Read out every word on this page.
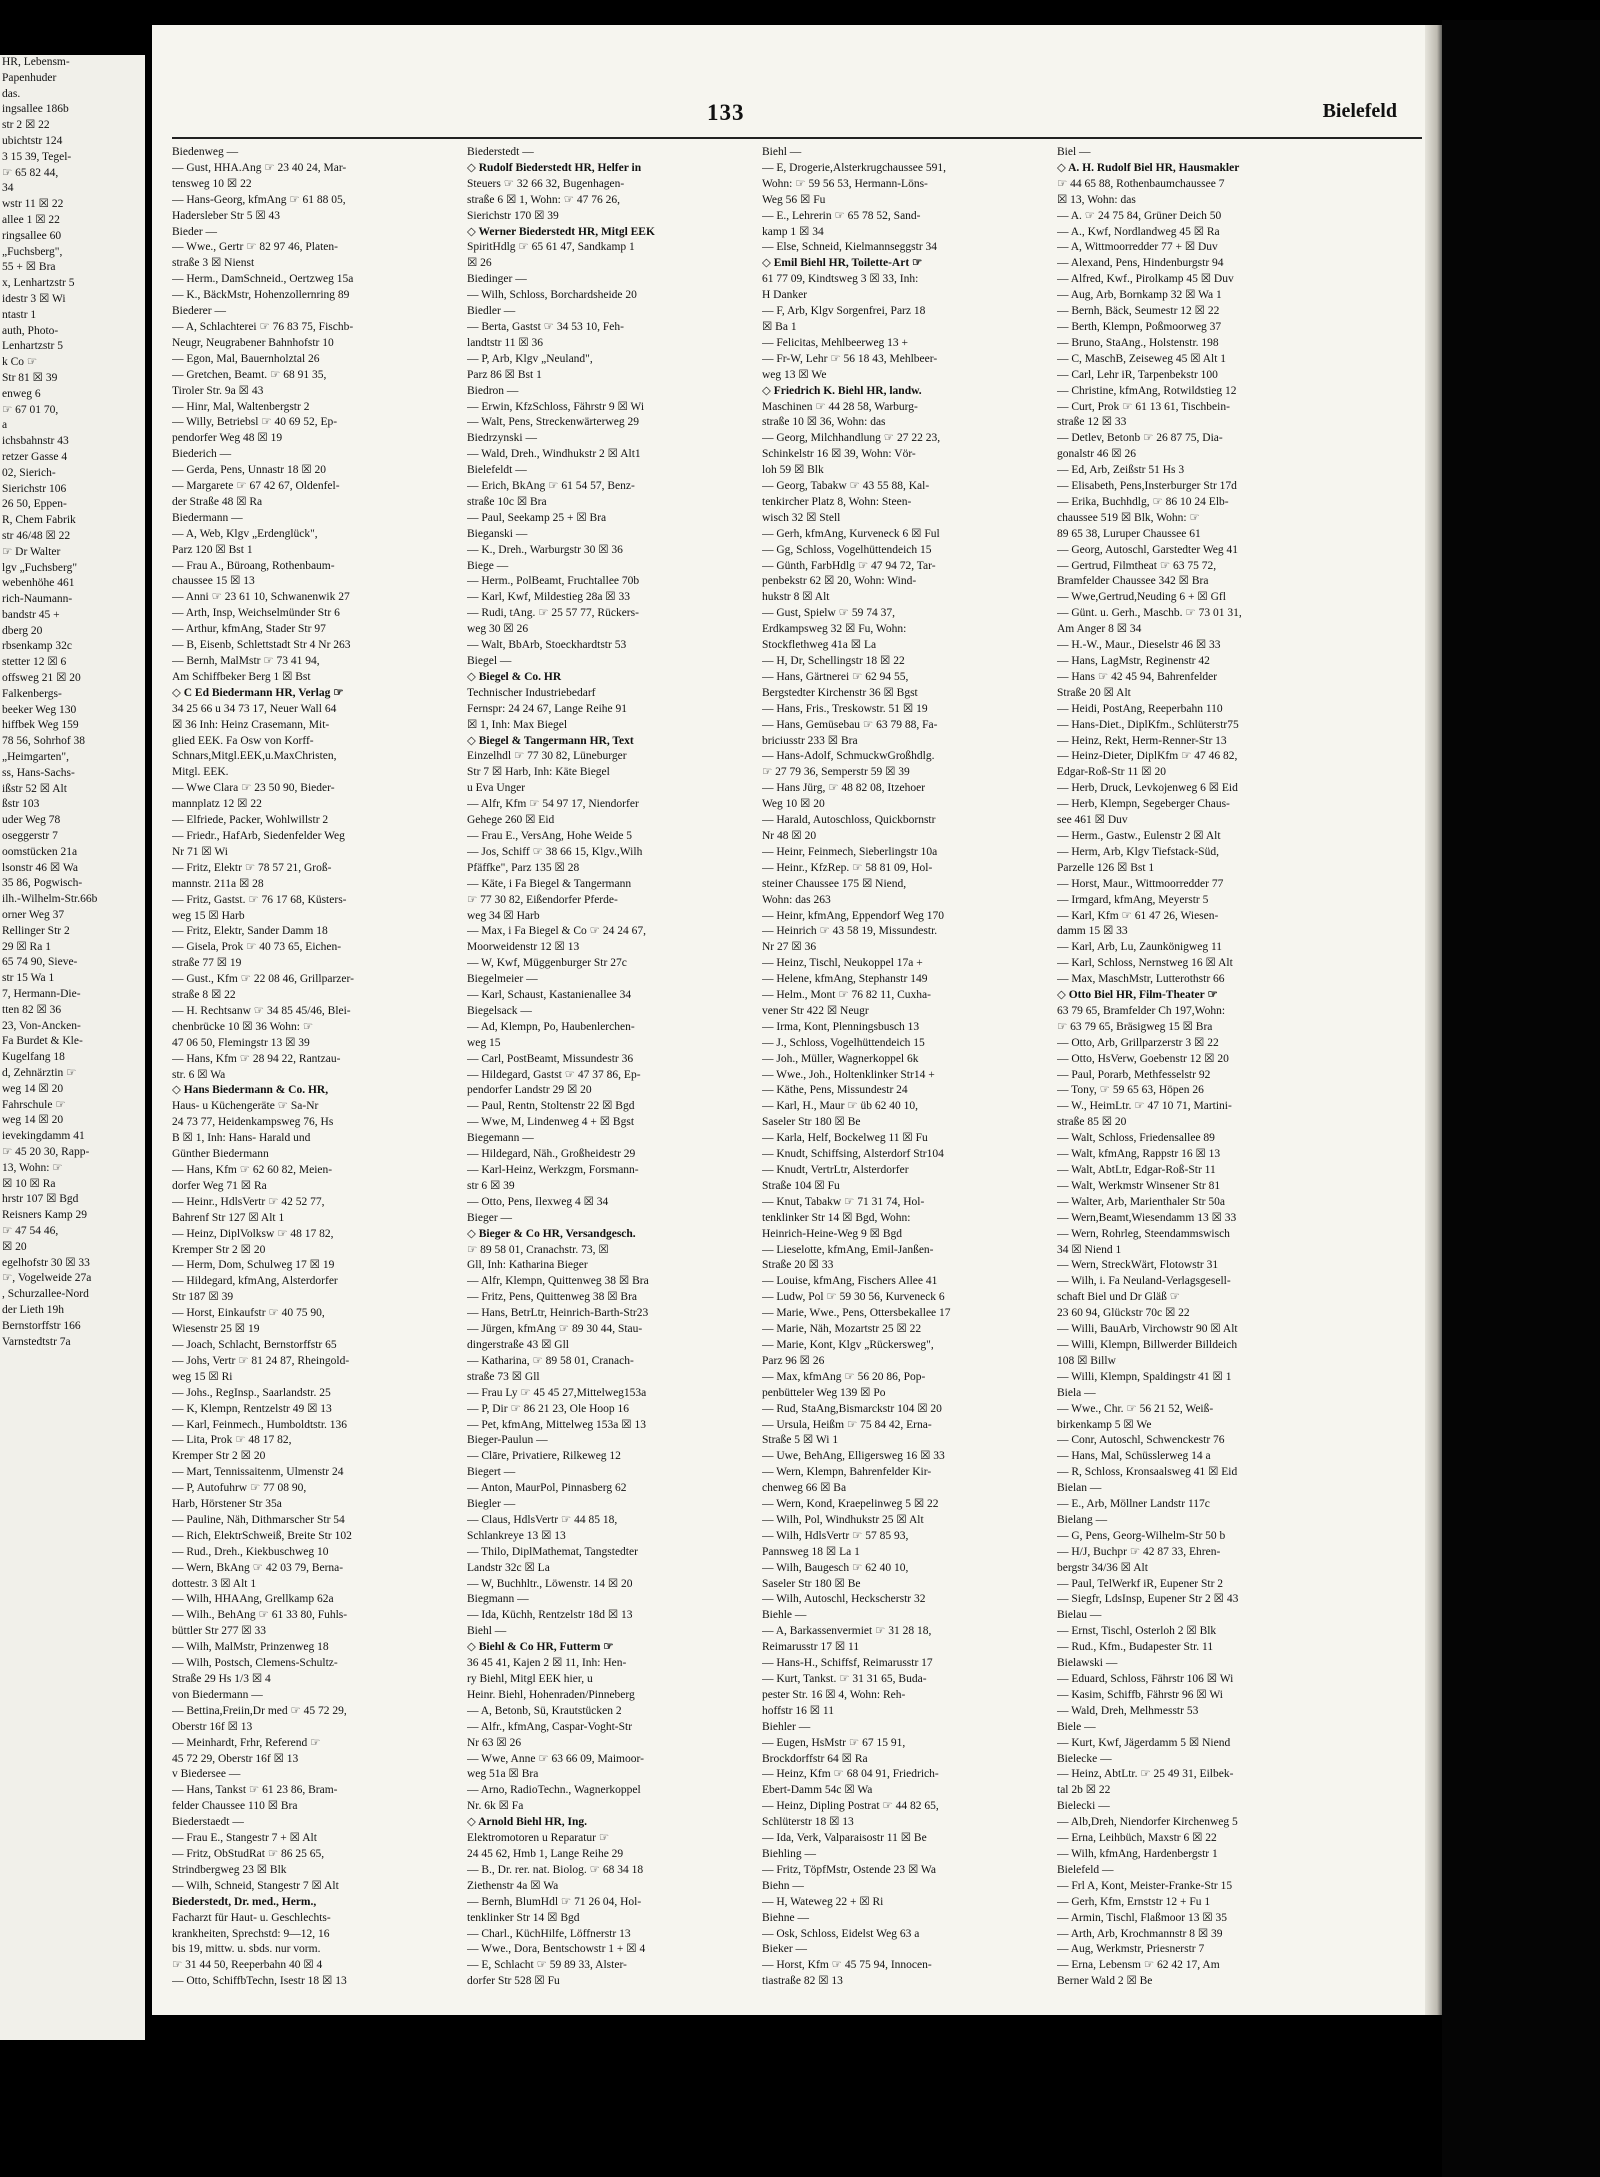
HR, Lebensm-
Papenhuder
das.
ingsallee 186b
str 2 ☒ 22
ubichtstr 124
3 15 39, Tegel-
☞ 65 82 44,
34
wstr 11 ☒ 22
allee 1 ☒ 22
ringsallee 60
„Fuchsberg",
55 + ☒ Bra
x, Lenhartzstr 5
idestr 3 ☒ Wi
ntastr 1
auth, Photo-
Lenhartzstr 5
k Co ☞
Str 81 ☒ 39
enweg 6
☞ 67 01 70,
a
ichsbahnstr 43
retzer Gasse 4
02, Sierich-
Sierichstr 106
26 50, Eppen-
R, Chem Fabrik
str 46/48 ☒ 22
☞ Dr Walter
lgv „Fuchsberg"
webenhöhe 461
rich-Naumann-
bandstr 45 +
dberg 20
rbsenkamp 32c
stetter 12 ☒ 6
offsweg 21 ☒ 20
Falkenbergs-
beeker Weg 130
hiffbek Weg 159
78 56, Sohrhof 38
„Heimgarten",
ss, Hans-Sachs-
ißstr 52 ☒ Alt
ßstr 103
uder Weg 78
oseggerstr 7
oomstücken 21a
lsonstr 46 ☒ Wa
35 86, Pogwisch-
ilh.-Wilhelm-Str.66b
orner Weg 37
Rellinger Str 2
29 ☒ Ra 1
65 74 90, Sieve-
str 15 Wa 1
7, Hermann-Die-
tten 82 ☒ 36
23, Von-Ancken-
Fa Burdet & Kle-
Kugelfang 18
d, Zehnärztin ☞
weg 14 ☒ 20
Fahrschule ☞
weg 14 ☒ 20
ievekingdamm 41
☞ 45 20 30, Rapp-
13, Wohn: ☞
☒ 10 ☒ Ra
hrstr 107 ☒ Bgd
Reisners Kamp 29
☞ 47 54 46,
☒ 20
egelhofstr 30 ☒ 33
☞, Vogelweide 27a
, Schurzallee-Nord
der Lieth 19h
Bernstorffstr 166
Varnstedtstr 7a
133	Bielefeld
Biedenweg —
— Gust, HHA.Ang ☞ 23 40 24, Mar-
tensweg 10 ☒ 22
— Hans-Georg, kfmAng ☞ 61 88 05,
Hadersleber Str 5 ☒ 43
Bieder —
— Wwe., Gertr ☞ 82 97 46, Platen-
straße 3 ☒ Nienst
— Herm., DamSchneid., Oertzweg 15a
— K., BäckMstr, Hohenzollernring 89
Biederer —
— A, Schlachterei ☞ 76 83 75, Fischb-
Neugr, Neugrabener Bahnhofstr 10
— Egon, Mal, Bauernholztal 26
— Gretchen, Beamt. ☞ 68 91 35,
Tiroler Str. 9a ☒ 43
— Hinr, Mal, Waltenbergstr 2
— Willy, Betriebsl ☞ 40 69 52, Ep-
pendorfer Weg 48 ☒ 19
Biederich —
— Gerda, Pens, Unnastr 18 ☒ 20
— Margarete ☞ 67 42 67, Oldenfel-
der Straße 48 ☒ Ra
Biedermann —
— A, Web, Klgv „Erdenglück",
Parz 120 ☒ Bst 1
— Frau A., Büroang, Rothenbaum-
chaussee 15 ☒ 13
— Anni ☞ 23 61 10, Schwanenwik 27
— Arth, Insp, Weichselmünder Str 6
— Arthur, kfmAng, Stader Str 97
— B, Eisenb, Schlettstadt Str 4 Nr 263
— Bernh, MalMstr ☞ 73 41 94,
Am Schiffbeker Berg 1 ☒ Bst
◇ C Ed Biedermann HR, Verlag ☞
34 25 66 u 34 73 17, Neuer Wall 64
☒ 36 Inh: Heinz Crasemann, Mit-
glied EEK. Fa Osw von Korff-
Schnars,Mitgl.EEK,u.MaxChristen,
Mitgl. EEK.
— Wwe Clara ☞ 23 50 90, Bieder-
mannplatz 12 ☒ 22
— Elfriede, Packer, Wohlwillstr 2
— Friedr., HafArb, Siedenfelder Weg
Nr 71 ☒ Wi
— Fritz, Elektr ☞ 78 57 21, Groß-
mannstr. 211a ☒ 28
— Fritz, Gastst. ☞ 76 17 68, Küsters-
weg 15 ☒ Harb
— Fritz, Elektr, Sander Damm 18
— Gisela, Prok ☞ 40 73 65, Eichen-
straße 77 ☒ 19
— Gust., Kfm ☞ 22 08 46, Grillparzer-
straße 8 ☒ 22
— H. Rechtsanw ☞ 34 85 45/46, Blei-
chenbrücke 10 ☒ 36 Wohn: ☞
47 06 50, Flemingstr 13 ☒ 39
— Hans, Kfm ☞ 28 94 22, Rantzau-
str. 6 ☒ Wa
◇ Hans Biedermann & Co. HR,
Haus- u Küchengeräte ☞ Sa-Nr
24 73 77, Heidenkampsweg 76, Hs
B ☒ 1, Inh: Hans- Harald und
Günther Biedermann
— Hans, Kfm ☞ 62 60 82, Meien-
dorfer Weg 71 ☒ Ra
— Heinr., HdlsVertr ☞ 42 52 77,
Bahrenf Str 127 ☒ Alt 1
— Heinz, DiplVolksw ☞ 48 17 82,
Kremper Str 2 ☒ 20
— Herm, Dom, Schulweg 17 ☒ 19
— Hildegard, kfmAng, Alsterdorfer
Str 187 ☒ 39
— Horst, Einkaufstr ☞ 40 75 90,
Wiesenstr 25 ☒ 19
— Joach, Schlacht, Bernstorffstr 65
— Johs, Vertr ☞ 81 24 87, Rheingold-
weg 15 ☒ Ri
— Johs., RegInsp., Saarlandstr. 25
— K, Klempn, Rentzelstr 49 ☒ 13
— Karl, Feinmech., Humboldtstr. 136
— Lita, Prok ☞ 48 17 82,
Kremper Str 2 ☒ 20
— Mart, Tennissaitenm, Ulmenstr 24
— P, Autofuhrw ☞ 77 08 90,
Harb, Hörstener Str 35a
— Pauline, Näh, Dithmarscher Str 54
— Rich, ElektrSchweiß, Breite Str 102
— Rud., Dreh., Kiekbuschweg 10
— Wern, BkAng ☞ 42 03 79, Berna-
dottestr. 3 ☒ Alt 1
— Wilh, HHAAng, Grellkamp 62a
— Wilh., BehAng ☞ 61 33 80, Fuhls-
büttler Str 277 ☒ 33
— Wilh, MalMstr, Prinzenweg 18
— Wilh, Postsch, Clemens-Schultz-
Straße 29 Hs 1/3 ☒ 4
von Biedermann —
— Bettina,Freiin,Dr med ☞ 45 72 29,
Oberstr 16f ☒ 13
— Meinhardt, Frhr, Referend ☞
45 72 29, Oberstr 16f ☒ 13
v Biedersee —
— Hans, Tankst ☞ 61 23 86, Bram-
felder Chaussee 110 ☒ Bra
Biederstaedt —
— Frau E., Stangestr 7 + ☒ Alt
— Fritz, ObStudRat ☞ 86 25 65,
Strindbergweg 23 ☒ Blk
— Wilh, Schneid, Stangestr 7 ☒ Alt
Biederstedt, Dr. med., Herm.,
Facharzt für Haut- u. Geschlechts-
krankheiten, Sprechstd: 9—12, 16
bis 19, mittw. u. sbds. nur vorm.
☞ 31 44 50, Reeperbahn 40 ☒ 4
— Otto, SchiffbTechn, Isestr 18 ☒ 13
Biederstedt —
◇ Rudolf Biederstedt HR, Helfer in
Steuers ☞ 32 66 32, Bugenhagen-
straße 6 ☒ 1, Wohn: ☞ 47 76 26,
Sierichstr 170 ☒ 39
◇ Werner Biederstedt HR, Mitgl EEK
SpiritHdlg ☞ 65 61 47, Sandkamp 1
☒ 26
Biedinger —
— Wilh, Schloss, Borchardsheide 20
Biedler —
— Berta, Gastst ☞ 34 53 10, Feh-
landtstr 11 ☒ 36
— P, Arb, Klgv „Neuland",
Parz 86 ☒ Bst 1
Biedron —
— Erwin, KfzSchloss, Fährstr 9 ☒ Wi
— Walt, Pens, Streckenwärterweg 29
Biedrzynski —
— Wald, Dreh., Windhukstr 2 ☒ Alt1
Bielefeldt —
— Erich, BkAng ☞ 61 54 57, Benz-
straße 10c ☒ Bra
— Paul, Seekamp 25 + ☒ Bra
Bieganski —
— K., Dreh., Warburgstr 30 ☒ 36
Biege —
— Herm., PolBeamt, Fruchtallee 70b
— Karl, Kwf, Mildestieg 28a ☒ 33
— Rudi, tAng. ☞ 25 57 77, Rückers-
weg 30 ☒ 26
— Walt, BbArb, Stoeckhardtstr 53
Biegel —
◇ Biegel & Co. HR
Technischer Industriebedarf
Fernspr: 24 24 67, Lange Reihe 91
☒ 1, Inh: Max Biegel
◇ Biegel & Tangermann HR, Text
Einzelhdl ☞ 77 30 82, Lüneburger
Str 7 ☒ Harb, Inh: Käte Biegel
u Eva Unger
— Alfr, Kfm ☞ 54 97 17, Niendorfer
Gehege 260 ☒ Eid
— Frau E., VersAng, Hohe Weide 5
— Jos, Schiff ☞ 38 66 15, Klgv.,Wilh
Pfäffke", Parz 135 ☒ 28
— Käte, i Fa Biegel & Tangermann
☞ 77 30 82, Eißendorfer Pferde-
weg 34 ☒ Harb
— Max, i Fa Biegel & Co ☞ 24 24 67,
Moorweidenstr 12 ☒ 13
— W, Kwf, Müggenburger Str 27c
Biegelmeier —
— Karl, Schaust, Kastanienallee 34
Biegelsack —
— Ad, Klempn, Po, Haubenlerchen-
weg 15
— Carl, PostBeamt, Missundestr 36
— Hildegard, Gastst ☞ 47 37 86, Ep-
pendorfer Landstr 29 ☒ 20
— Paul, Rentn, Stoltenstr 22 ☒ Bgd
— Wwe, M, Lindenweg 4 + ☒ Bgst
Biegemann —
— Hildegard, Näh., Großheidestr 29
— Karl-Heinz, Werkzgm, Forsmann-
str 6 ☒ 39
— Otto, Pens, Ilexweg 4 ☒ 34
Bieger —
◇ Bieger & Co HR, Versandgesch.
☞ 89 58 01, Cranachstr. 73, ☒
Gll, Inh: Katharina Bieger
— Alfr, Klempn, Quittenweg 38 ☒ Bra
— Fritz, Pens, Quittenweg 38 ☒ Bra
— Hans, BetrLtr, Heinrich-Barth-Str23
— Jürgen, kfmAng ☞ 89 30 44, Stau-
dingerstraße 43 ☒ Gll
— Katharina, ☞ 89 58 01, Cranach-
straße 73 ☒ Gll
— Frau Ly ☞ 45 45 27,Mittelweg153a
— P, Dir ☞ 86 21 23, Ole Hoop 16
— Pet, kfmAng, Mittelweg 153a ☒ 13
Bieger-Paulun —
— Clāre, Privatiere, Rilkeweg 12
Biegert —
— Anton, MaurPol, Pinnasberg 62
Biegler —
— Claus, HdlsVertr ☞ 44 85 18,
Schlankreye 13 ☒ 13
— Thilo, DiplMathemat, Tangstedter
Landstr 32c ☒ La
— W, Buchhltr., Löwenstr. 14 ☒ 20
Biegmann —
— Ida, Küchh, Rentzelstr 18d ☒ 13
Biehl —
◇ Biehl & Co HR, Futterm ☞
36 45 41, Kajen 2 ☒ 11, Inh: Hen-
ry Biehl, Mitgl EEK hier, u
Heinr. Biehl, Hohenraden/Pinneberg
— A, Betonb, Sü, Krautstücken 2
— Alfr., kfmAng, Caspar-Voght-Str
Nr 63 ☒ 26
— Wwe, Anne ☞ 63 66 09, Maimoor-
weg 51a ☒ Bra
— Arno, RadioTechn., Wagnerkoppel
Nr. 6k ☒ Fa
◇ Arnold Biehl HR, Ing.
Elektromotoren u Reparatur ☞
24 45 62, Hmb 1, Lange Reihe 29
— B., Dr. rer. nat. Biolog. ☞ 68 34 18
Ziethenstr 4a ☒ Wa
— Bernh, BlumHdl ☞ 71 26 04, Hol-
tenklinker Str 14 ☒ Bgd
— Charl., KüchHilfe, Löffnerstr 13
— Wwe., Dora, Bentschowstr 1 + ☒ 4
— E, Schlacht ☞ 59 89 33, Alster-
dorfer Str 528 ☒ Fu
Biehl —
— E, Drogerie,Alsterkrugchaussee 591,
Wohn: ☞ 59 56 53, Hermann-Löns-
Weg 56 ☒ Fu
— E., Lehrerin ☞ 65 78 52, Sand-
kamp 1 ☒ 34
— Else, Schneid, Kielmannseggstr 34
◇ Emil Biehl HR, Toilette-Art ☞
61 77 09, Kindtsweg 3 ☒ 33, Inh:
H Danker
— F, Arb, Klgv Sorgenfrei, Parz 18
☒ Ba 1
— Felicitas, Mehlbeerweg 13 +
— Fr-W, Lehr ☞ 56 18 43, Mehlbeer-
weg 13 ☒ We
◇ Friedrich K. Biehl HR, landw.
Maschinen ☞ 44 28 58, Warburg-
straße 10 ☒ 36, Wohn: das
— Georg, Milchhandlung ☞ 27 22 23,
Schinkelstr 16 ☒ 39, Wohn: Vör-
loh 59 ☒ Blk
— Georg, Tabakw ☞ 43 55 88, Kal-
tenkircher Platz 8, Wohn: Steen-
wisch 32 ☒ Stell
— Gerh, kfmAng, Kurveneck 6 ☒ Ful
— Gg, Schloss, Vogelhüttendeich 15
— Günth, FarbHdlg ☞ 47 94 72, Tar-
penbekstr 62 ☒ 20, Wohn: Wind-
hukstr 8 ☒ Alt
— Gust, Spielw ☞ 59 74 37,
Erdkampsweg 32 ☒ Fu, Wohn:
Stockflethweg 41a ☒ La
— H, Dr, Schellingstr 18 ☒ 22
— Hans, Gärtnerei ☞ 62 94 55,
Bergstedter Kirchenstr 36 ☒ Bgst
— Hans, Fris., Treskowstr. 51 ☒ 19
— Hans, Gemüsebau ☞ 63 79 88, Fa-
briciusstr 233 ☒ Bra
— Hans-Adolf, SchmuckwGroßhdlg.
☞ 27 79 36, Semperstr 59 ☒ 39
— Hans Jürg, ☞ 48 82 08, Itzehoer
Weg 10 ☒ 20
— Harald, Autoschloss, Quickbornstr
Nr 48 ☒ 20
— Heinr, Feinmech, Sieberlingstr 10a
— Heinr., KfzRep. ☞ 58 81 09, Hol-
steiner Chaussee 175 ☒ Niend,
Wohn: das 263
— Heinr, kfmAng, Eppendorf Weg 170
— Heinrich ☞ 43 58 19, Missundestr.
Nr 27 ☒ 36
— Heinz, Tischl, Neukoppel 17a +
— Helene, kfmAng, Stephanstr 149
— Helm., Mont ☞ 76 82 11, Cuxha-
vener Str 422 ☒ Neugr
— Irma, Kont, Plenningsbusch 13
— J., Schloss, Vogelhüttendeich 15
— Joh., Müller, Wagnerkoppel 6k
— Wwe., Joh., Holtenklinker Str14 +
— Käthe, Pens, Missundestr 24
— Karl, H., Maur ☞ üb 62 40 10,
Saseler Str 180 ☒ Be
— Karla, Helf, Bockelweg 11 ☒ Fu
— Knudt, Schiffsing, Alsterdorf Str104
— Knudt, VertrLtr, Alsterdorfer
Straße 104 ☒ Fu
— Knut, Tabakw ☞ 71 31 74, Hol-
tenklinker Str 14 ☒ Bgd, Wohn:
Heinrich-Heine-Weg 9 ☒ Bgd
— Lieselotte, kfmAng, Emil-Janßen-
Straße 20 ☒ 33
— Louise, kfmAng, Fischers Allee 41
— Ludw, Pol ☞ 59 30 56, Kurveneck 6
— Marie, Wwe., Pens, Ottersbekallee 17
— Marie, Näh, Mozartstr 25 ☒ 22
— Marie, Kont, Klgv „Rückersweg",
Parz 96 ☒ 26
— Max, kfmAng ☞ 56 20 86, Pop-
penbütteler Weg 139 ☒ Po
— Rud, StaAng,Bismarckstr 104 ☒ 20
— Ursula, Heißm ☞ 75 84 42, Erna-
Straße 5 ☒ Wi 1
— Uwe, BehAng, Elligersweg 16 ☒ 33
— Wern, Klempn, Bahrenfelder Kir-
chenweg 66 ☒ Ba
— Wern, Kond, Kraepelinweg 5 ☒ 22
— Wilh, Pol, Windhukstr 25 ☒ Alt
— Wilh, HdlsVertr ☞ 57 85 93,
Pannsweg 18 ☒ La 1
— Wilh, Baugesch ☞ 62 40 10,
Saseler Str 180 ☒ Be
— Wilh, Autoschl, Heckscherstr 32
Biehle —
— A, Barkassenvermiet ☞ 31 28 18,
Reimarusstr 17 ☒ 11
— Hans-H., Schiffsf, Reimarusstr 17
— Kurt, Tankst. ☞ 31 31 65, Buda-
pester Str. 16 ☒ 4, Wohn: Reh-
hoffstr 16 ☒ 11
Biehler —
— Eugen, HsMstr ☞ 67 15 91,
Brockdorffstr 64 ☒ Ra
— Heinz, Kfm ☞ 68 04 91, Friedrich-
Ebert-Damm 54c ☒ Wa
— Heinz, Dipling Postrat ☞ 44 82 65,
Schlüterstr 18 ☒ 13
— Ida, Verk, Valparaisostr 11 ☒ Be
Biehling —
— Fritz, TöpfMstr, Ostende 23 ☒ Wa
Biehn —
— H, Wateweg 22 + ☒ Ri
Biehne —
— Osk, Schloss, Eidelst Weg 63 a
Bieker —
— Horst, Kfm ☞ 45 75 94, Innocen-
tiastraße 82 ☒ 13
Biel —
◇ A. H. Rudolf Biel HR, Hausmakler
☞ 44 65 88, Rothenbaumchaussee 7
☒ 13, Wohn: das
— A. ☞ 24 75 84, Grüner Deich 50
— A., Kwf, Nordlandweg 45 ☒ Ra
— A, Wittmoorredder 77 + ☒ Duv
— Alexand, Pens, Hindenburgstr 94
— Alfred, Kwf., Pirolkamp 45 ☒ Duv
— Aug, Arb, Bornkamp 32 ☒ Wa 1
— Bernh, Bäck, Seumestr 12 ☒ 22
— Berth, Klempn, Poßmoorweg 37
— Bruno, StaAng., Holstenstr. 198
— C, MaschB, Zeiseweg 45 ☒ Alt 1
— Carl, Lehr iR, Tarpenbekstr 100
— Christine, kfmAng, Rotwildstieg 12
— Curt, Prok ☞ 61 13 61, Tischbein-
straße 12 ☒ 33
— Detlev, Betonb ☞ 26 87 75, Dia-
gonalstr 46 ☒ 26
— Ed, Arb, Zeißstr 51 Hs 3
— Elisabeth, Pens,Insterburger Str 17d
— Erika, Buchhdlg, ☞ 86 10 24 Elb-
chaussee 519 ☒ Blk, Wohn: ☞
89 65 38, Luruper Chaussee 61
— Georg, Autoschl, Garstedter Weg 41
— Gertrud, Filmtheat ☞ 63 75 72,
Bramfelder Chaussee 342 ☒ Bra
— Wwe,Gertrud,Neuding 6 + ☒ Gfl
— Günt. u. Gerh., Maschb. ☞ 73 01 31,
Am Anger 8 ☒ 34
— H.-W., Maur., Dieselstr 46 ☒ 33
— Hans, LagMstr, Reginenstr 42
— Hans ☞ 42 45 94, Bahrenfelder
Straße 20 ☒ Alt
— Heidi, PostAng, Reeperbahn 110
— Hans-Diet., DiplKfm., Schlüterstr75
— Heinz, Rekt, Herm-Renner-Str 13
— Heinz-Dieter, DiplKfm ☞ 47 46 82,
Edgar-Roß-Str 11 ☒ 20
— Herb, Druck, Levkojenweg 6 ☒ Eid
— Herb, Klempn, Segeberger Chaus-
see 461 ☒ Duv
— Herm., Gastw., Eulenstr 2 ☒ Alt
— Herm, Arb, Klgv Tiefstack-Süd,
Parzelle 126 ☒ Bst 1
— Horst, Maur., Wittmoorredder 77
— Irmgard, kfmAng, Meyerstr 5
— Karl, Kfm ☞ 61 47 26, Wiesen-
damm 15 ☒ 33
— Karl, Arb, Lu, Zaunkönigweg 11
— Karl, Schloss, Nernstweg 16 ☒ Alt
— Max, MaschMstr, Lutterothstr 66
◇ Otto Biel HR, Film-Theater ☞
63 79 65, Bramfelder Ch 197,Wohn:
☞ 63 79 65, Bräsigweg 15 ☒ Bra
— Otto, Arb, Grillparzerstr 3 ☒ 22
— Otto, HsVerw, Goebenstr 12 ☒ 20
— Paul, Porarb, Methfesselstr 92
— Tony, ☞ 59 65 63, Höpen 26
— W., HeimLtr. ☞ 47 10 71, Martini-
straße 85 ☒ 20
— Walt, Schloss, Friedensallee 89
— Walt, kfmAng, Rappstr 16 ☒ 13
— Walt, AbtLtr, Edgar-Roß-Str 11
— Walt, Werkmstr Winsener Str 81
— Walter, Arb, Marienthaler Str 50a
— Wern,Beamt,Wiesendamm 13 ☒ 33
— Wern, Rohrleg, Steendammswisch
34 ☒ Niend 1
— Wern, StreckWärt, Flotowstr 31
— Wilh, i. Fa Neuland-Verlagsgesell-
schaft Biel und Dr Gläß ☞
23 60 94, Glückstr 70c ☒ 22
— Willi, BauArb, Virchowstr 90 ☒ Alt
— Willi, Klempn, Billwerder Billdeich
108 ☒ Billw
— Willi, Klempn, Spaldingstr 41 ☒ 1
Biela —
— Wwe., Chr. ☞ 56 21 52, Weiß-
birkenkamp 5 ☒ We
— Conr, Autoschl, Schwenckestr 76
— Hans, Mal, Schüsslerweg 14 a
— R, Schloss, Kronsaalsweg 41 ☒ Eid
Bielan —
— E., Arb, Möllner Landstr 117c
Bielang —
— G, Pens, Georg-Wilhelm-Str 50 b
— H/J, Buchpr ☞ 42 87 33, Ehren-
bergstr 34/36 ☒ Alt
— Paul, TelWerkf iR, Eupener Str 2
— Siegfr, LdsInsp, Eupener Str 2 ☒ 43
Bielau —
— Ernst, Tischl, Osterloh 2 ☒ Blk
— Rud., Kfm., Budapester Str. 11
Bielawski —
— Eduard, Schloss, Fährstr 106 ☒ Wi
— Kasim, Schiffb, Fährstr 96 ☒ Wi
— Wald, Dreh, Melhmesstr 53
Biele —
— Kurt, Kwf, Jägerdamm 5 ☒ Niend
Bielecke —
— Heinz, AbtLtr. ☞ 25 49 31, Eilbek-
tal 2b ☒ 22
Bielecki —
— Alb,Dreh, Niendorfer Kirchenweg 5
— Erna, Leihbüch, Maxstr 6 ☒ 22
— Wilh, kfmAng, Hardenbergstr 1
Bielefeld —
— Frl A, Kont, Meister-Franke-Str 15
— Gerh, Kfm, Ernststr 12 + Fu 1
— Armin, Tischl, Flaßmoor 13 ☒ 35
— Arth, Arb, Krochmannstr 8 ☒ 39
— Aug, Werkmstr, Priesnerstr 7
— Erna, Lebensm ☞ 62 42 17, Am
Berner Wald 2 ☒ Be
